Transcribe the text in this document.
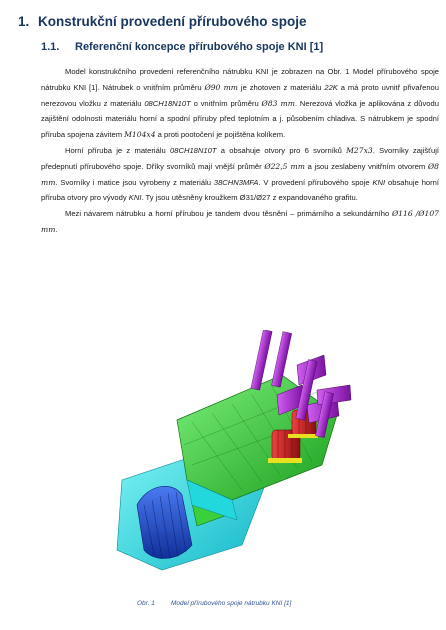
1. Konstrukční provedení přírubového spoje
1.1. Referenční koncepce přírubového spoje KNI [1]

Model konstrukčního provedení referenčního nátrubku KNI je zobrazen na Obr. 1 Model přírubového spoje nátrubku KNI [1]. Nátrubek o vnitřním průměru Ø90 mm je zhotoven z materiálu 22K a má proto uvnitř přivařenou nerezovou vložku z materiálu 08CH18N10T o vnitřním průměru Ø83 mm. Nerezová vložka je aplikována z důvodu zajištění odolnosti materiálu horní a spodní příruby před teplotním a j. působením chladiva. S nátrubkem je spodní příruba spojena závitem M104x4 a proti pootočení je pojištěna kolíkem.

Horní příruba je z materiálu 08CH18N10T a obsahuje otvory pro 6 svorníků M27x3. Svorníky zajišťují předepnutí přírubového spoje. Dříky svorníků mají vnější průměr Ø22,5 mm a jsou zeslabeny vnitřním otvorem Ø8 mm. Svorníky i matice jsou vyrobeny z materiálu 38CHN3MFA. V provedení přírubového spoje KNI obsahuje horní příruba otvory pro vývody KNI. Ty jsou utěsněny kroužkem Ø31/Ø27 z expandovaného grafitu.

Mezi návarem nátrubku a horní přírubou je tandem dvou těsnění – primárního a sekundárního Ø116 /Ø107 mm.

Obr. 1 Model přírubového spoje nátrubku KNI [1]
